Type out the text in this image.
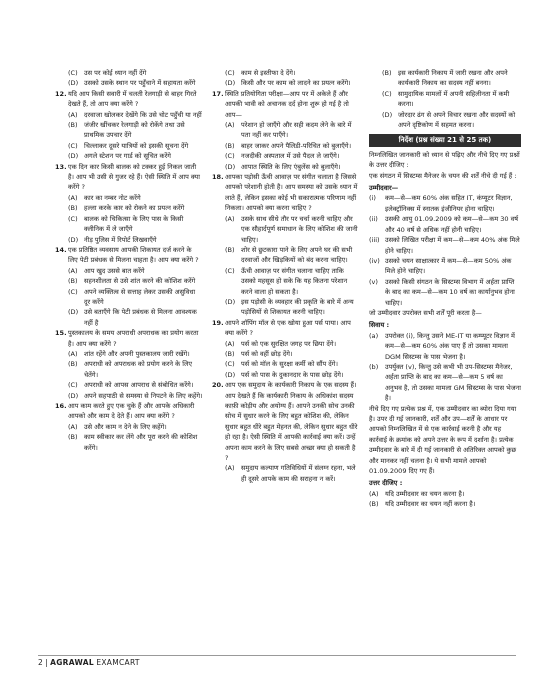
(C) उस पर कोई ध्यान नहीं देंगे
(D) उसको उसके स्थान पर पहुँचाने में सहायता करेंगे
12. यदि आप किसी सवारी में चलती रेलगाड़ी से बाहर गिरते देखते हैं, तो आप क्या करेंगे ?
(A) दरवाजा खोलकर देखेंगे कि उसे चोट पहुँची या नहीं
(B) जंजीर खींचकर रेलगाड़ी को रोकेंगे तथा उसे प्राथमिक उपचार देंगे
(C) चिल्लाकर दूसरे यात्रियों को इसकी सूचना देंगे
(D) अगले स्टेशन पर गार्ड को सूचित करेंगे
13. एक दिन कार किसी बालक को टक्कर हुई निकल जाती है। आप भी उसी से गुजर रहे हैं। ऐसी स्थिति में आप क्या करेंगे ?
(A) कार का नम्बर नोट करेंगे
(B) हल्ला करके कार को रोकने का प्रयत्न करेंगे
(C) बालक को चिकित्सा के लिए पास के किसी क्लीनिक में ले जाएँगे
(D) नीड़ पुलिस में रिपोर्ट लिखवाएँगे
14. एक प्रतिष्ठित व्यवसाय आपकी शिकायत दर्ज करने के लिए पेटी प्रबंधक से मिलना चाहता है। आप क्या करेंगे ?
(A) आप खुद उससे बात करेंगे
(B) सहनशीलता से उसे शांत करने की कोशिश करेंगे
(C) अपने व्यक्तित्व से सत्ताह लेकर उसकी असुविधा दूर करेंगे
(D) उसे बताएँगे कि पेटी प्रबंधक से मिलना आवश्यक नहीं है
15. पुस्तकालय के समय अपराधी अपराधक का प्रयोग करता है। आप क्या करेंगे ?
(A) शांत रहेंगे और अपनी पुस्तकालय जारी रखेंगे।
(B) अपराधी को अपराधक को प्रयोग करने के लिए चेतेंगे।
(C) अपराधी को आपस आपराध से संबोधित करेंगे।
(D) अपने सहपाठी से समस्या से निपटने के लिए कहेंगे।
16. आप काम करते हुए एक चुके हैं और आपके अधिकारी आपको और काम दे देते हैं। आप क्या करेंगे ?
(A) उसे और काम न देने के लिए कहेंगे।
(B) काम स्वीकार कर लेंगे और पूरा करने की कोशिश करेंगे।
(C) काम से इस्तीफा दे देंगे।
(D) किसी और पर काम को लादने का प्रयत्न करेंगे।
17. स्थिति प्रतियोगिता परीक्षा—आप पर में अकेले हैं और आपकी भावी को अचानक दर्द होना शुरू हो गई है तो आप—
(A) परेशान हो जाएँगे और सही कदम लेने के बारे में पता नहीं कर पाएँगे।
(B) बाहर जाकर अपने पैलिडी-परिचित को बुलाएँगे।
(C) नजदीकी अस्पताल में उसे पैदल ले जाएँगे।
(D) आपात स्थिति के लिए एंबुलेंस को बुलाएँगे।
18. आपका पड़ोसी ऊँची आवाज़ पर संगीत चलाता है जिससे आपको परेशानी होती है। आप समस्या को उसके ध्यान में लाते हैं, लेकिन इसका कोई भी सकारात्मक परिणाम नहीं निकला। आपको क्या करना चाहिए ?
(A) उसके साथ सीधे तौर पर चर्चा करनी चाहिए और एक सौहार्दपूर्ण समाधान के लिए कोशिश की जानी चाहिए।
(B) शोर से छुटकारा पाने के लिए अपने घर की सभी दरवाजों और खिड़कियों को बंद करना चाहिए।
(C) ऊँची आवाज़ पर संगीत चलाना चाहिए ताकि उसको महसूस हो सके कि यह कितना परेशान करने वाला हो सकता है।
(D) इस पड़ोसी के व्यवहार की प्रकृति के बारे में अन्य पड़ोसियों से शिकायत करनी चाहिए।
19. आपने शॉपिंग मॉल से एक खोया हुआ पर्स पाया। आप क्या करेंगे ?
(A) पर्स को एक सुरक्षित जगह पर छिपा देंगे।
(B) पर्स को वहीं छोड़ देंगे।
(C) पर्स को मॉल के सुरक्षा कर्मी को सौंप देंगे।
(D) पर्स को पास के दुकानदार के पास छोड़ देंगे।
20. आप एक समुदाय के कार्यकारी निकाय के एक सदस्य हैं। आप देखते हैं कि कार्यकारी निकाय के अधिकांश सदस्य काफ़ी कोड़ीय और अयोग्य हैं। आपने उनकी सोच उनकी सोच में सुधार करने के लिए बहुत कोशिश की, लेकिन सुधार बहुत धीरे बहुत मेहनत की, लेकिन सुधार बहुत धीरे हो रहा है। ऐसी स्थिति में आपकी कार्रवाई क्या करें। उन्हें अपना काम करने के लिए सबसे अच्छा क्या हो सकती है ?
(A) समुदाय कल्याण गतिविधियों में संलग्न रहना, भले ही दूसरे आपके काम की सराहना न करें।
(B) इस कार्यकारी निकाय में जारी रखना और अपने कार्यकारी निकाय का सदस्य नहीं बनना।
(C) सामुदायिक मामलों में अपनी सहिलीनता में कमी करना।
(D) जोरदार ढंग से अपने विचार रखना और सदस्यों को अपने दृष्टिकोण में सहमत करना।
निर्देश (प्रश्न संख्या 21 से 25 तक)
निम्नलिखित जानकारी को ध्यान से पढ़िए और नीचे दिए गए प्रश्नों के उत्तर दीजिए :
एक संगठन में सिस्टम्स मैनेजर के चयन की शर्तें नीचे दी गई हैं :
उम्मीदवार—
(i)	कम—से—कम 60% अंक सहित IT, कंप्यूटर विज्ञान, इलेक्ट्रॉनिक्स में स्नातक इंजीनियर होना चाहिए।
(ii)	उसकी आयु 01.09.2009 को कम—से—कम 30 वर्ष और 40 वर्ष से अधिक नहीं होनी चाहिए।
(iii) उसको लिखित परीक्षा में कम—से—कम 40% अंक मिले होने चाहिए।
(iv) उसको चयन साक्षात्कार में कम—से—कम 50% अंक मिले होने चाहिए।
(v)	उसको किसी संगठन के सिस्टम्स विभाग में अर्हता प्राप्ति के बाद का कम—से—कम 10 वर्ष का कार्यानुभव होना चाहिए।
जो उम्मीदवार उपरोक्त सभी शर्तें पूरी करता है—
सिवाय :
(a)	उपरोक्त (i), किन्तु उसने ME-IT या कम्प्यूटर विज्ञान में कम—से—कम 60% अंक पाए हैं तो उसका मामला DGM सिस्टम्स के पास भेजना है।
(b)	उपर्युक्त (v), किन्तु उसे कभी भी उप-सिस्टम्स मैनेजर, अर्हता प्राप्ति के बाद का कम—से—कम 5 वर्ष का अनुभव है, तो उसका मामला GM सिस्टम्स के पास भेजना है।
नीचे दिए गए प्रत्येक प्रश्न में, एक उम्मीदवार का ब्योरा दिया गया है। उपर दी गई जानकारी, शर्तें और उप—शर्तें के आधार पर आपको निम्नलिखित में से एक कार्रवाई करनी है और यह कार्रवाई के क्रमांक को अपने उत्तर के रूप में दर्शाना है। प्रत्येक उम्मीदवार के बारे में दी गई जानकारी से अतिरिक्त आपको कुछ और मानकर नहीं चलना है। ये सभी मामले आपको 01.09.2009 दिए गए हैं।
उत्तर दीजिए :
(A) यदि उम्मीदवार का चयन करना है।
(B) यदि उम्मीदवार का चयन नहीं करना है।
2 | AGRAWAL EXAMCART
